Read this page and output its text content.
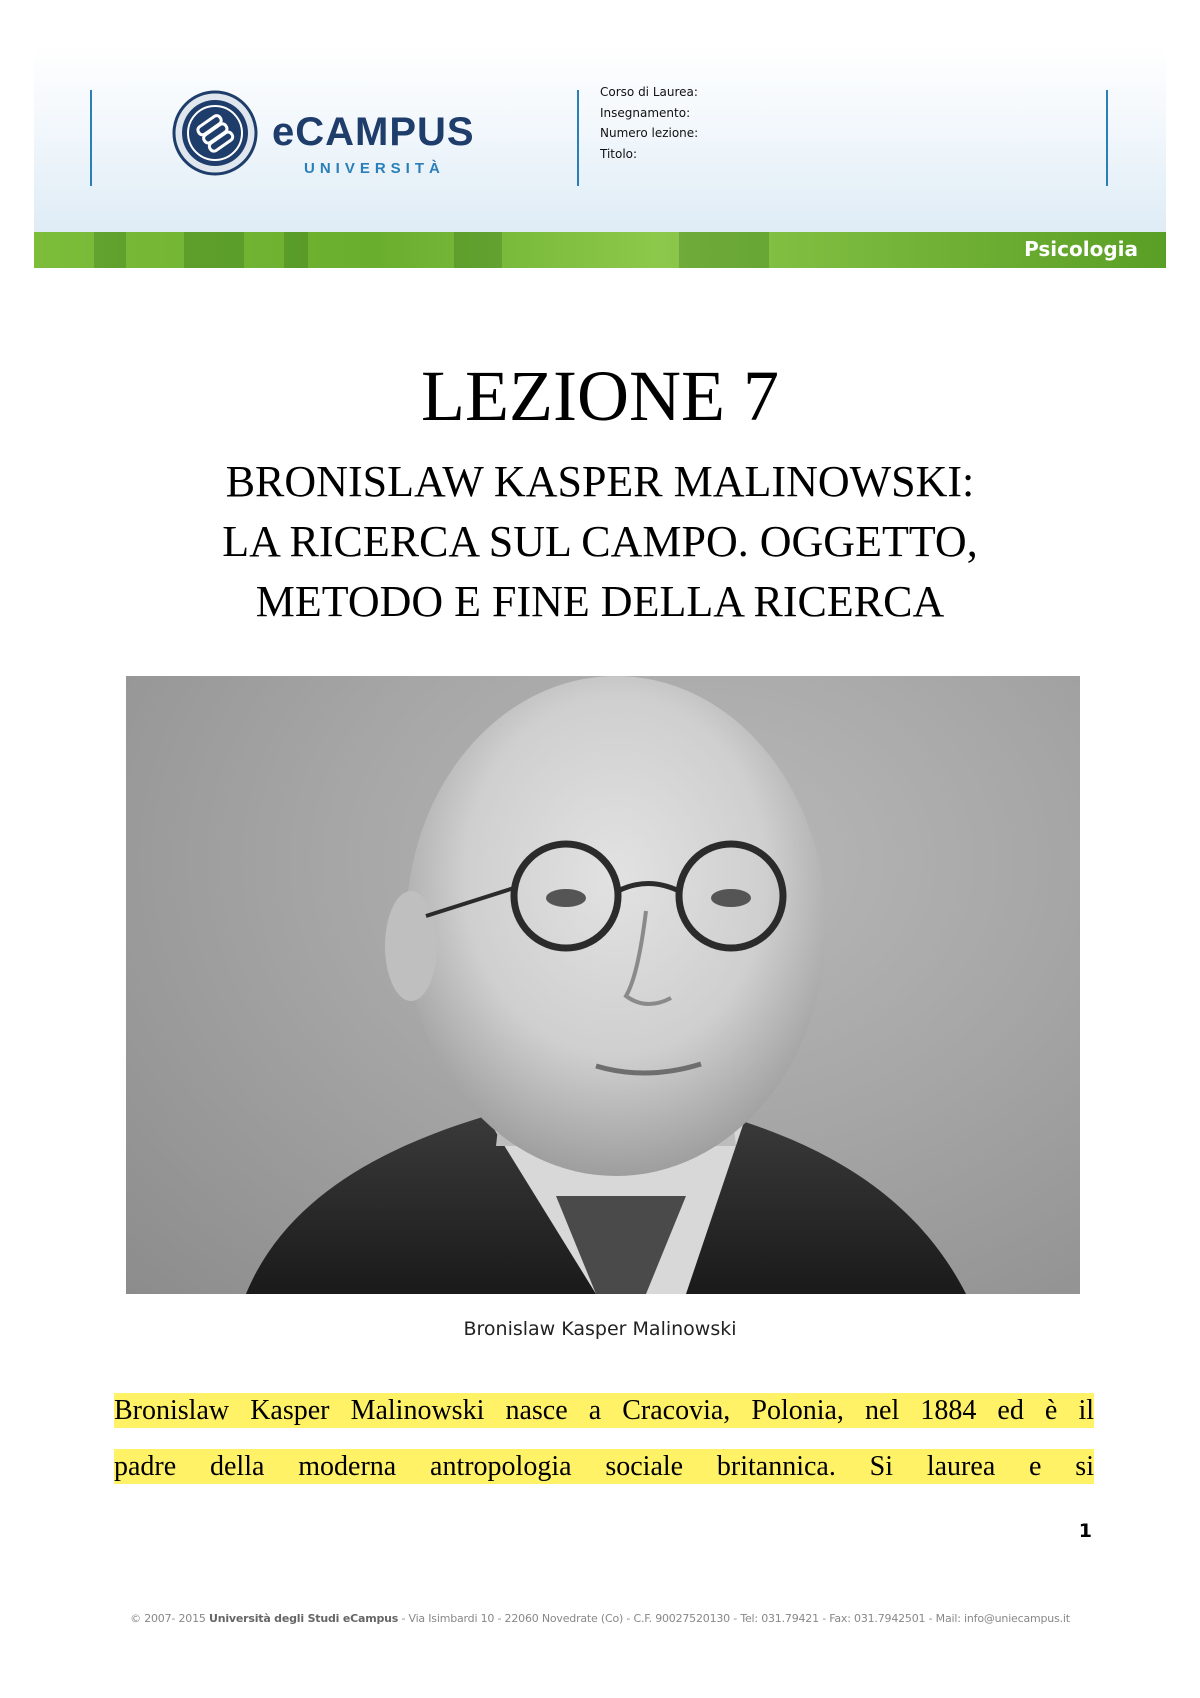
eCAMPUS
UNIVERSITÀ
Corso di Laurea:
Insegnamento:
Numero lezione:
Titolo:
Psicologia
LEZIONE 7
BRONISLAW KASPER MALINOWSKI:
LA RICERCA SUL CAMPO. OGGETTO,
METODO E FINE DELLA RICERCA
Bronislaw Kasper Malinowski
Bronislaw Kasper Malinowski nasce a Cracovia, Polonia, nel 1884 ed è il
padre della moderna antropologia sociale britannica. Si laurea e si
1
© 2007- 2015 Università degli Studi eCampus - Via Isimbardi 10 - 22060 Novedrate (Co) - C.F. 90027520130 - Tel: 031.79421 - Fax: 031.7942501 - Mail: info@uniecampus.it
